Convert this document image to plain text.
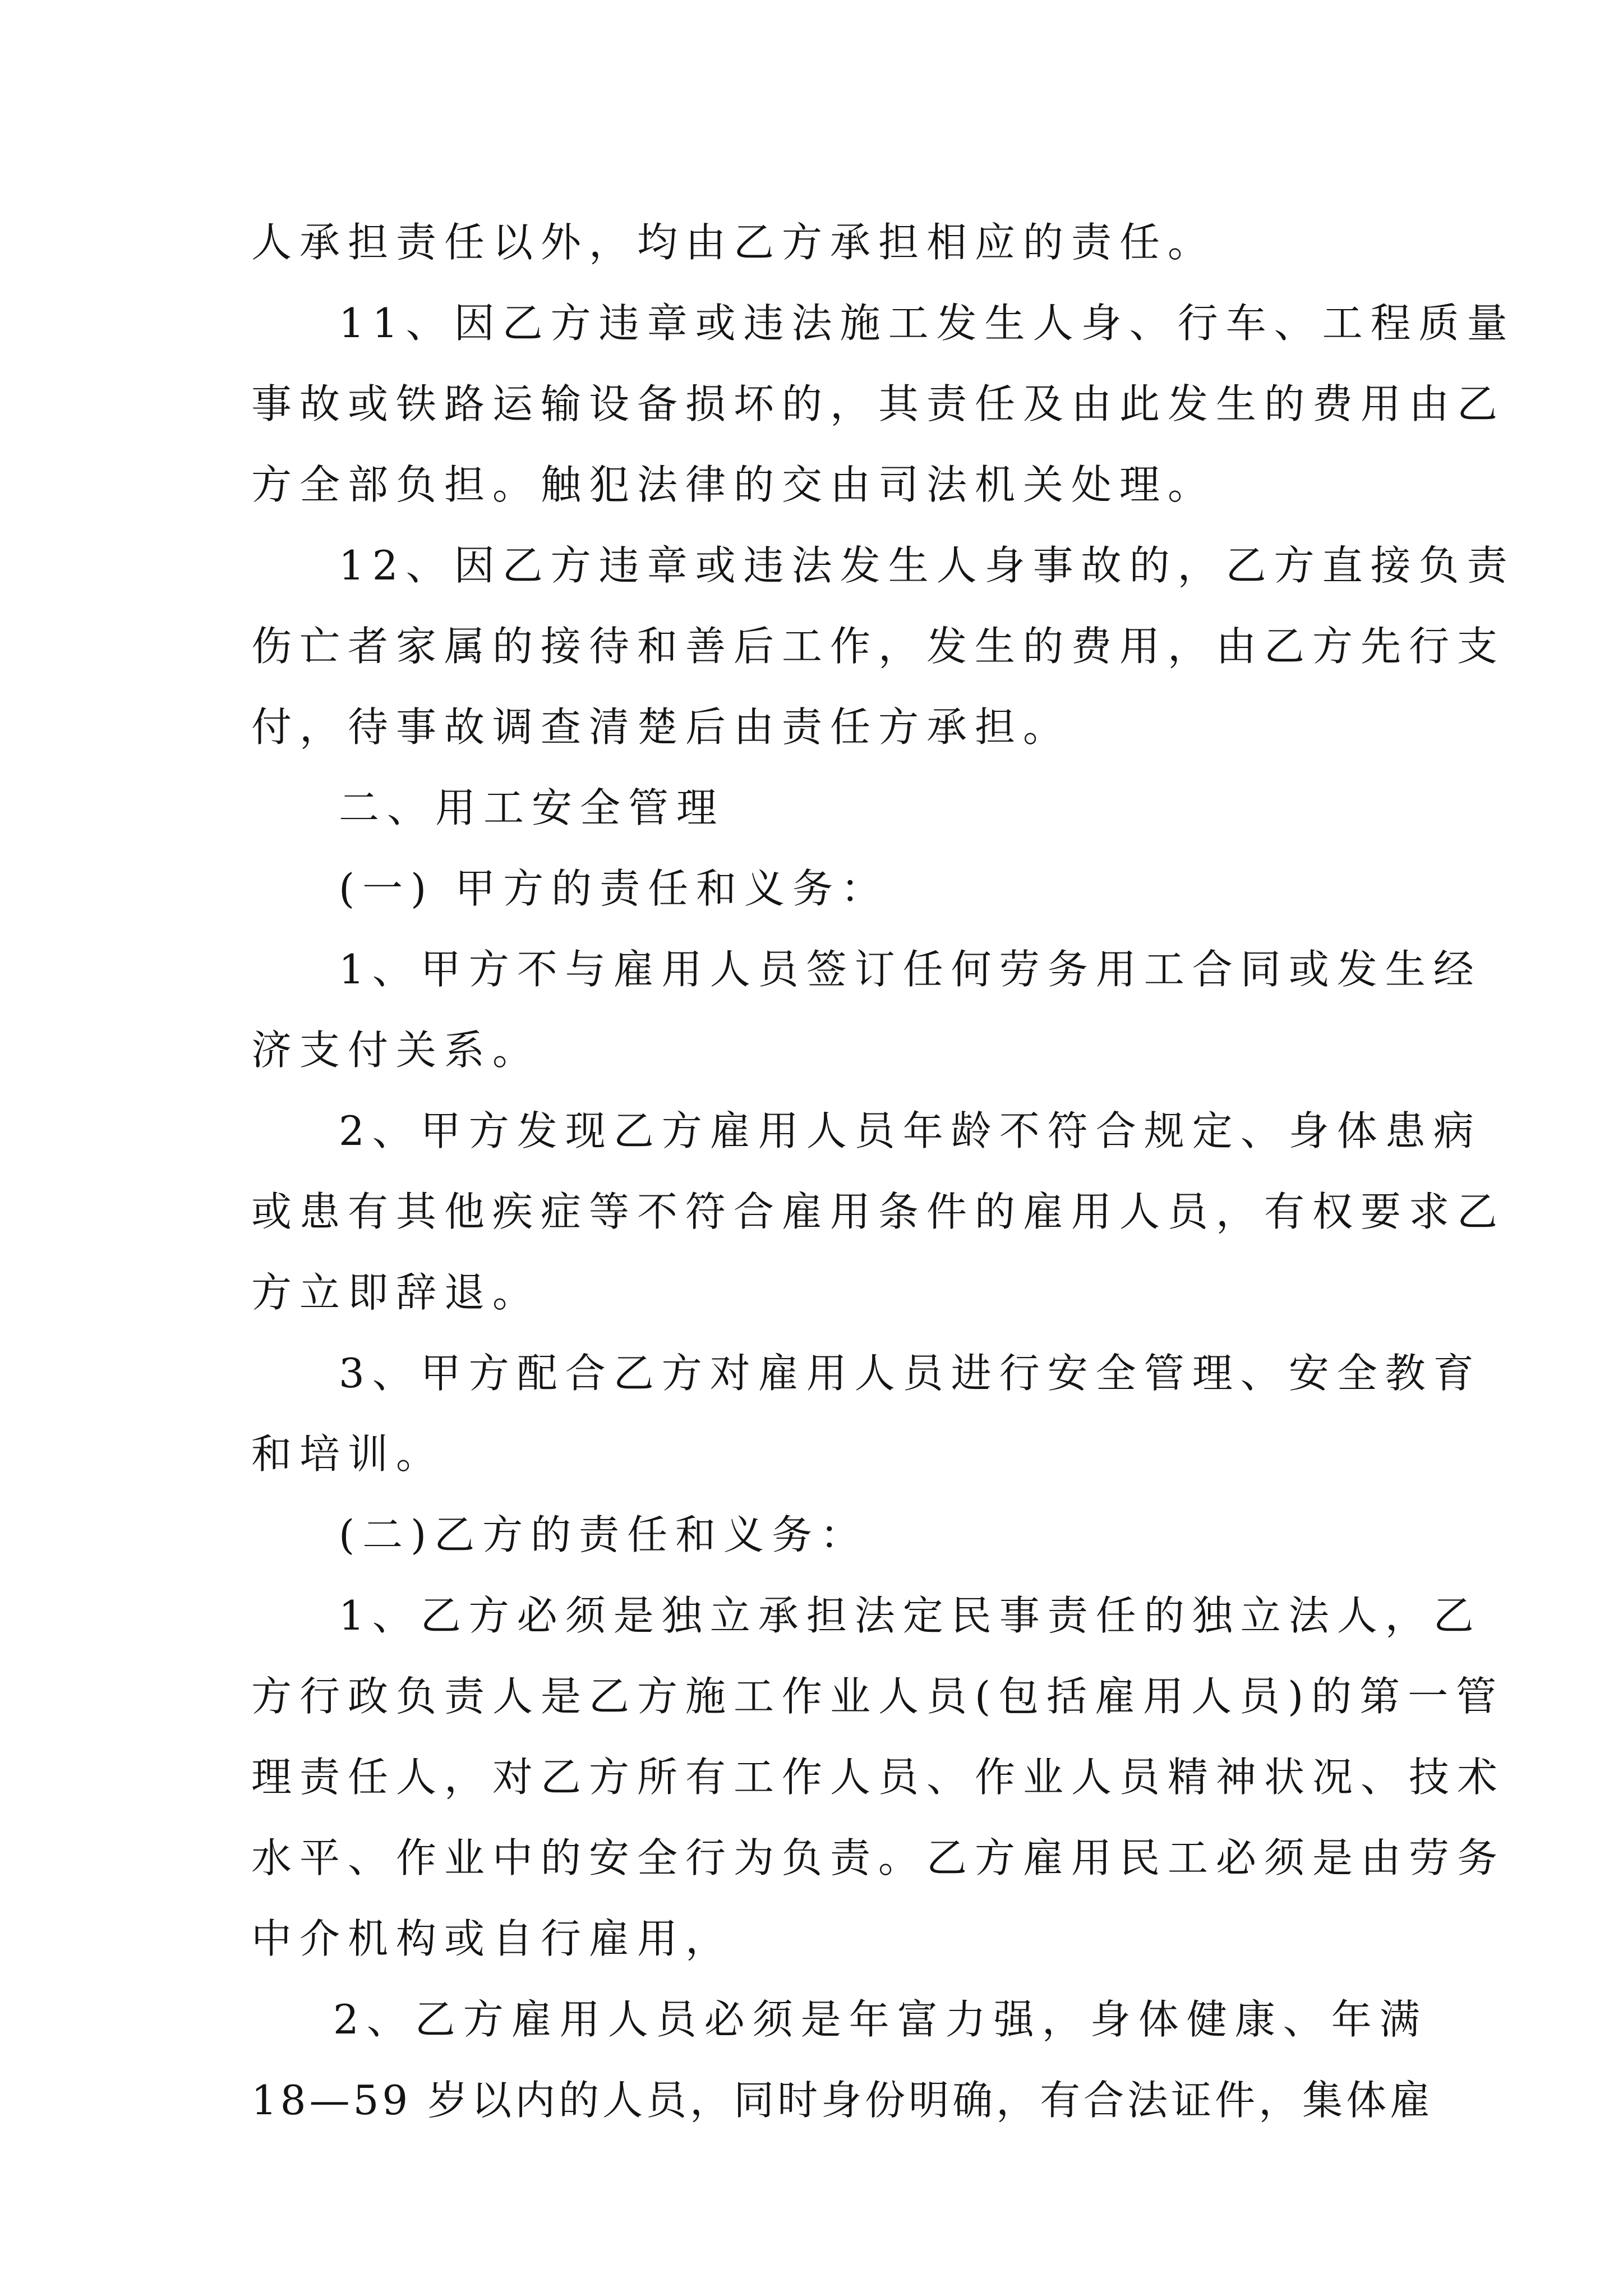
人承担责任以外，均由乙方承担相应的责任。
11、因乙方违章或违法施工发生人身、行车、工程质量
事故或铁路运输设备损坏的，其责任及由此发生的费用由乙
方全部负担。触犯法律的交由司法机关处理。
12、因乙方违章或违法发生人身事故的，乙方直接负责
伤亡者家属的接待和善后工作，发生的费用，由乙方先行支
付，待事故调查清楚后由责任方承担。
二、用工安全管理
(一) 甲方的责任和义务：
1、甲方不与雇用人员签订任何劳务用工合同或发生经
济支付关系。
2、甲方发现乙方雇用人员年龄不符合规定、身体患病
或患有其他疾症等不符合雇用条件的雇用人员，有权要求乙
方立即辞退。
3、甲方配合乙方对雇用人员进行安全管理、安全教育
和培训。
(二)乙方的责任和义务：
1、乙方必须是独立承担法定民事责任的独立法人，乙
方行政负责人是乙方施工作业人员(包括雇用人员)的第一管
理责任人，对乙方所有工作人员、作业人员精神状况、技术
水平、作业中的安全行为负责。乙方雇用民工必须是由劳务
中介机构或自行雇用，
2、乙方雇用人员必须是年富力强，身体健康、年满
18—59 岁以内的人员，同时身份明确，有合法证件，集体雇
